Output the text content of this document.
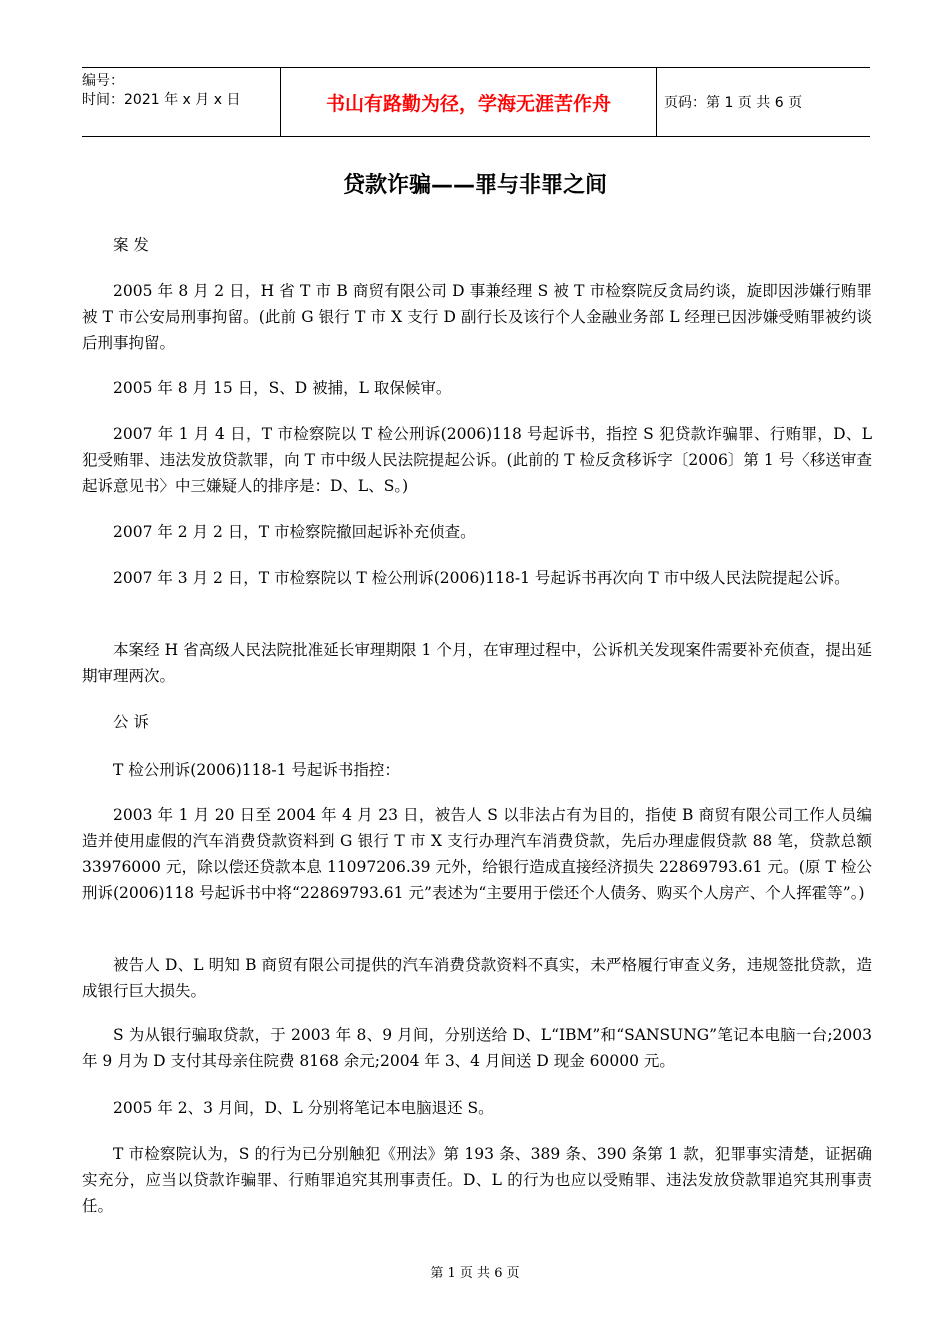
编号：
时间：2021 年 x 月 x 日	书山有路勤为径，学海无涯苦作舟	页码：第 1 页 共 6 页
贷款诈骗——罪与非罪之间

案 发

2005 年 8 月 2 日，H 省 T 市 B 商贸有限公司 D 事兼经理 S 被 T 市检察院反贪局约谈，旋即因涉嫌行贿罪被 T 市公安局刑事拘留。(此前 G 银行 T 市 X 支行 D 副行长及该行个人金融业务部 L 经理已因涉嫌受贿罪被约谈后刑事拘留。

2005 年 8 月 15 日，S、D 被捕，L 取保候审。

2007 年 1 月 4 日，T 市检察院以 T 检公刑诉(2006)118 号起诉书，指控 S 犯贷款诈骗罪、行贿罪，D、L 犯受贿罪、违法发放贷款罪，向 T 市中级人民法院提起公诉。(此前的 T 检反贪移诉字〔2006〕第 1 号〈移送审查起诉意见书〉中三嫌疑人的排序是：D、L、S。)

2007 年 2 月 2 日，T 市检察院撤回起诉补充侦查。

2007 年 3 月 2 日，T 市检察院以 T 检公刑诉(2006)118-1 号起诉书再次向 T 市中级人民法院提起公诉。

本案经 H 省高级人民法院批准延长审理期限 1 个月，在审理过程中，公诉机关发现案件需要补充侦查，提出延期审理两次。

公 诉

T 检公刑诉(2006)118-1 号起诉书指控：

2003 年 1 月 20 日至 2004 年 4 月 23 日，被告人 S 以非法占有为目的，指使 B 商贸有限公司工作人员编造并使用虚假的汽车消费贷款资料到 G 银行 T 市 X 支行办理汽车消费贷款，先后办理虚假贷款 88 笔，贷款总额 33976000 元，除以偿还贷款本息 11097206.39 元外，给银行造成直接经济损失 22869793.61 元。(原 T 检公刑诉(2006)118 号起诉书中将“22869793.61 元”表述为“主要用于偿还个人债务、购买个人房产、个人挥霍等”。)

被告人 D、L 明知 B 商贸有限公司提供的汽车消费贷款资料不真实，未严格履行审查义务，违规签批贷款，造成银行巨大损失。

S 为从银行骗取贷款，于 2003 年 8、9 月间，分别送给 D、L“IBM”和“SANSUNG”笔记本电脑一台;2003 年 9 月为 D 支付其母亲住院费 8168 余元;2004 年 3、4 月间送 D 现金 60000 元。

2005 年 2、3 月间，D、L 分别将笔记本电脑退还 S。

T 市检察院认为，S 的行为已分别触犯《刑法》第 193 条、389 条、390 条第 1 款，犯罪事实清楚，证据确实充分，应当以贷款诈骗罪、行贿罪追究其刑事责任。D、L 的行为也应以受贿罪、违法发放贷款罪追究其刑事责任。

第 1 页 共 6 页
